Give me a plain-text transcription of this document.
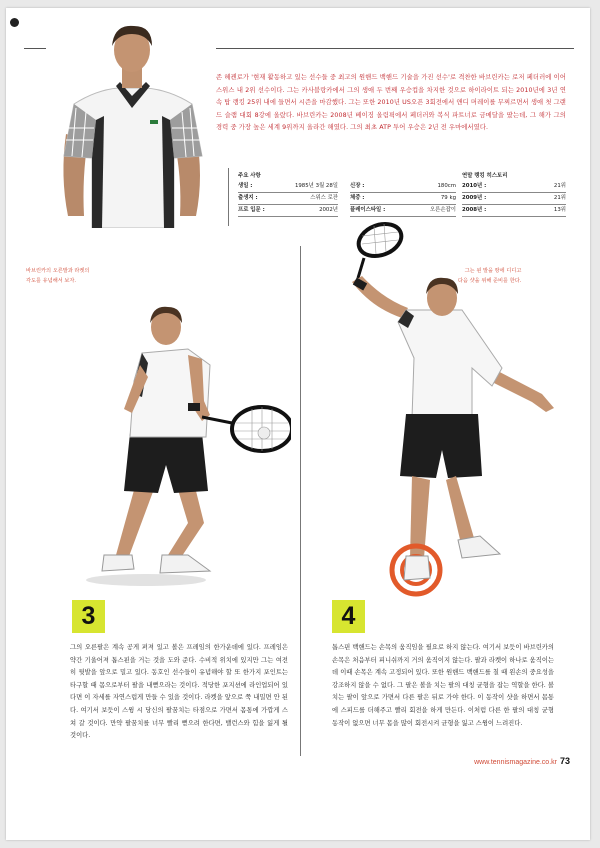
존 헤켄로가 '현재 활동하고 있는 선수들 중 최고의 원핸드 백핸드 기술을 가진 선수'로 격찬한 바브린카는 로저 페더러에 이어 스위스 내 2위 선수이다. 그는 카사블랑카에서 그의 생애 두 번째 우승컵을 차지한 것으로 하이라이트 되는 2010년에 3년 연속 탑 랭킹 25위 내에 들면서 시즌을 마감했다. 그는 또한 2010년 US오픈 3회전에서 앤디 머레이를 무찌르면서 생애 첫 그랜드 슬램 대회 8강에 올랐다. 바브린카는 2008년 베이징 올림픽에서 페더러와 복식 파트너로 금메달을 땄는데, 그 해가 그의 경력 중 가장 높은 세계 9위까지 올라간 해였다. 그의 최초 ATP 투어 우승은 2년 전 우마에서였다.

주요 사항
생일 :	1985년 3월 28일
출생지 :	스위스 로잔
프로 입문 :	2002년
신장 :	180cm
체중 :	79 kg
플레이스타일 :	오른손잡이
연말 랭킹 히스토리
2010년 :	21위
2009년 :	21위
2008년 :	13위

바브린카의 오른발과 라켓의
각도를 유념해서 보자.

그는 왼 발을 땅에 디디고
다음 샷을 위해 준비를 한다.

3

그의 오른팔은 계속 공게 펴져 있고 볼은 프레임의 한가운데에 있다. 프레임은 약간 기울어져 톱스핀을 거는 것을 도와 준다. 수비적 위치에 있지만 그는 여전히 뒷발을 앞으로 밀고 있다. 동호인 선수들이 유념해야 할 또 한가지 포인트는 타구할 때 몸으로부터 팔을 내뻗으라는 것이다. 적당한 포지션에 라인업되어 있다면 이 자세를 자연스럽게 만들 수 있을 것이다. 라켓을 앞으로 쭉 내밀면 안 된다. 여기서 보듯이 스윙 시 당신의 팔꿈치는 타점으로 가면서 몸통에 가깝게 스쳐 갈 것이다. 만약 팔꿈치를 너무 빨리 뻗으려 한다면, 밸런스와 힘을 잃게 될 것이다.

4

톱스핀 백핸드는 손목의 움직임을 필요로 하지 않는다. 여기서 보듯이 바브린카의 손목은 처음부터 피니쉬까지 거의 움직이지 않는다. 팔과 라켓이 하나로 움직이는데 이때 손목은 계속 고정되어 있다. 또한 원핸드 백핸드를 칠 때 왼손의 중요성을 강조하지 않을 수 없다. 그 팔은 볼을 치는 팔의 대칭 균형을 잡는 역할을 한다. 볼 치는 팔이 앞으로 가면서 다른 팔은 뒤로 가야 한다. 이 동작이 샷을 하면서 몸통에 스피드를 더해주고 빨리 회전을 하게 만든다. 이처럼 다른 한 팔의 대칭 균형 동작이 없으면 너무 몸을 많이 회전시켜 균형을 잃고 스윙이 느려진다.

www.tennismagazine.co.kr 73
